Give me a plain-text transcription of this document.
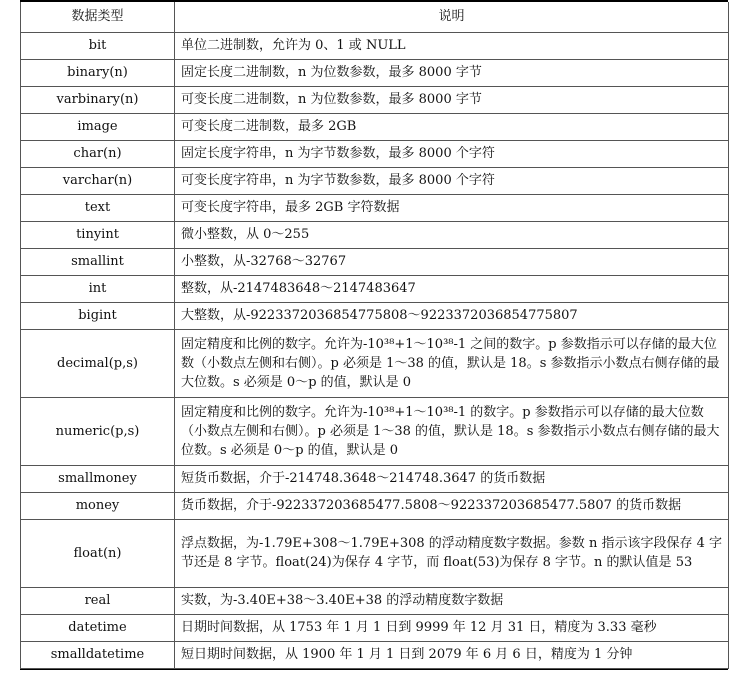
数据类型	说明
bit	单位二进制数，允许为 0、1 或 NULL
binary(n)	固定长度二进制数，n 为位数参数，最多 8000 字节
varbinary(n)	可变长度二进制数，n 为位数参数，最多 8000 字节
image	可变长度二进制数，最多 2GB
char(n)	固定长度字符串，n 为字节数参数，最多 8000 个字符
varchar(n)	可变长度字符串，n 为字节数参数，最多 8000 个字符
text	可变长度字符串，最多 2GB 字符数据
tinyint	微小整数，从 0～255
smallint	小整数，从-32768～32767
int	整数，从-2147483648～2147483647
bigint	大整数，从-9223372036854775808～9223372036854775807
decimal(p,s)	固定精度和比例的数字。允许为-10³⁸+1～10³⁸-1 之间的数字。p 参数指示可以存储的最大位数（小数点左侧和右侧）。p 必须是 1～38 的值，默认是 18。s 参数指示小数点右侧存储的最大位数。s 必须是 0～p 的值，默认是 0
numeric(p,s)	固定精度和比例的数字。允许为-10³⁸+1～10³⁸-1 的数字。p 参数指示可以存储的最大位数（小数点左侧和右侧）。p 必须是 1～38 的值，默认是 18。s 参数指示小数点右侧存储的最大位数。s 必须是 0～p 的值，默认是 0
smallmoney	短货币数据，介于-214748.3648～214748.3647 的货币数据
money	货币数据，介于-922337203685477.5808～922337203685477.5807 的货币数据
float(n)	浮点数据，为-1.79E+308～1.79E+308 的浮动精度数字数据。参数 n 指示该字段保存 4 字节还是 8 字节。float(24)为保存 4 字节，而 float(53)为保存 8 字节。n 的默认值是 53
real	实数，为-3.40E+38～3.40E+38 的浮动精度数字数据
datetime	日期时间数据，从 1753 年 1 月 1 日到 9999 年 12 月 31 日，精度为 3.33 毫秒
smalldatetime	短日期时间数据，从 1900 年 1 月 1 日到 2079 年 6 月 6 日，精度为 1 分钟
